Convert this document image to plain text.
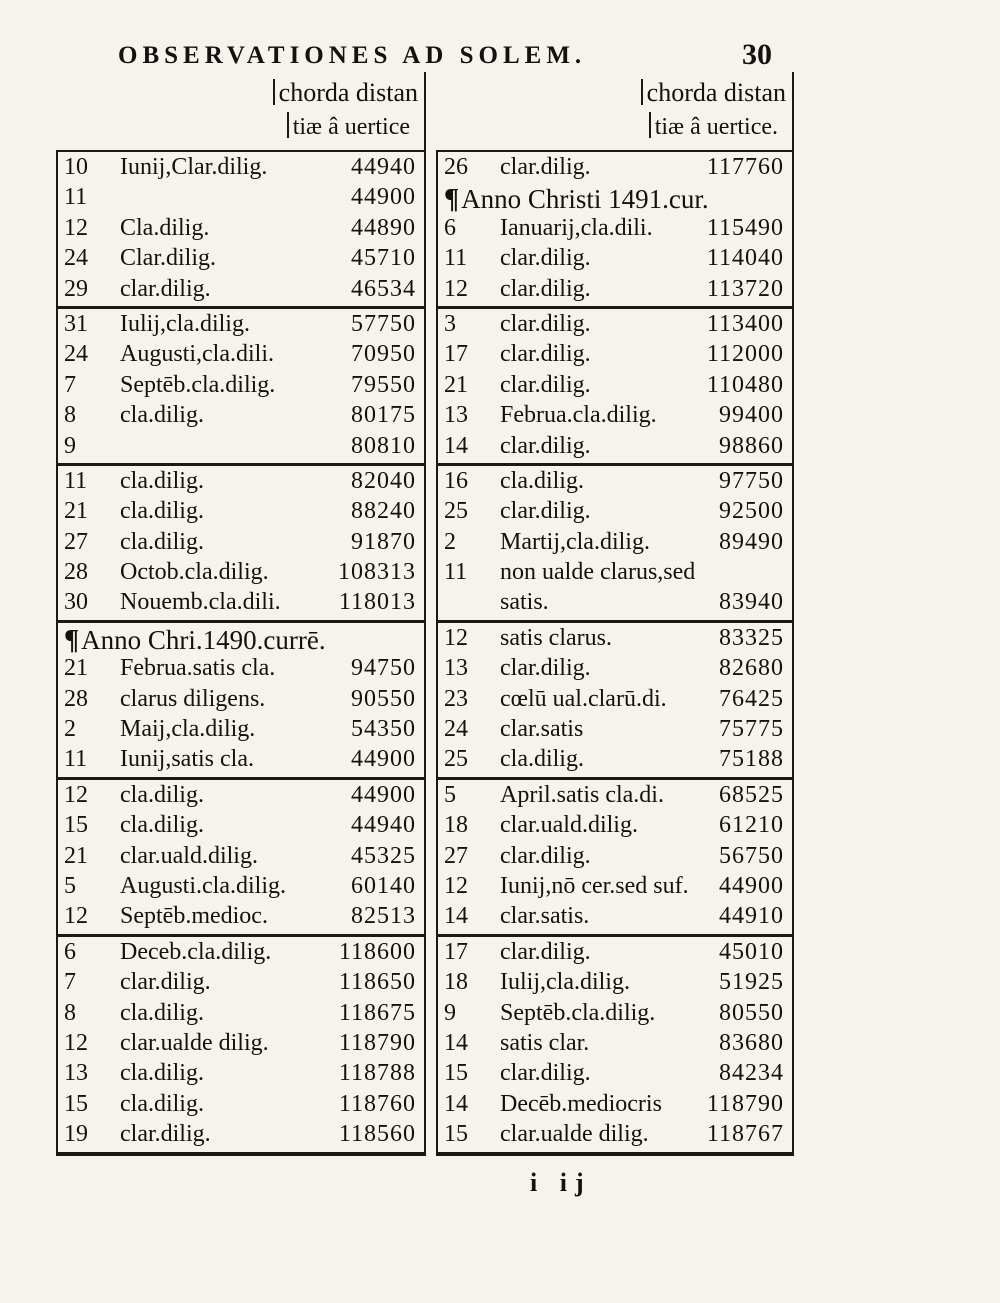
OBSERVATIONES AD SOLEM.	30
chorda distan
tiæ â uertice
10 Iunij,Clar.dilig.	44940
11	44900
12 Cla.dilig.	44890
24 Clar.dilig.	45710
29 clar.dilig.	46534
31 Iulij,cla.dilig.	57750
24 Augusti,cla.dili.	70950
7 Septēb.cla.dilig.	79550
8 cla.dilig.	80175
9	80810
11 cla.dilig.	82040
21 cla.dilig.	88240
27 cla.dilig.	91870
28 Octob.cla.dilig.	108313
30 Nouemb.cla.dili. 118013
¶Anno Chri.1490.currē.
21 Februa.satis cla.	94750
28 clarus diligens.	90550
2 Maij,cla.dilig.	54350
11 Iunij,satis cla.	44900
12 cla.dilig.	44900
15 cla.dilig.	44940
21 clar.uald.dilig.	45325
5 Augusti.cla.dilig.	60140
12 Septēb.medioc.	82513
6 Deceb.cla.dilig.	118600
7 clar.dilig.	118650
8 cla.dilig.	118675
12 clar.ualde dilig.	118790
13 cla.dilig.	118788
15 cla.dilig.	118760
19 clar.dilig.	118560
chorda distan
tiæ â uertice.
26 clar.dilig.	117760
¶Anno Christi 1491.cur.
6 Ianuarij,cla.dili. 115490
11 clar.dilig.	114040
12 clar.dilig.	113720
3 clar.dilig.	113400
17 clar.dilig.	112000
21 clar.dilig.	110480
13 Februa.cla.dilig.	99400
14 clar.dilig.	98860
16 cla.dilig.	97750
25 clar.dilig.	92500
2 Martij,cla.dilig.	89490
11 non ualde clarus,sed
satis.	83940
12 satis clarus.	83325
13 clar.dilig.	82680
23 cœlū ual.clarū.di. 76425
24 clar.satis	75775
25 cla.dilig.	75188
5 April.satis cla.di. 68525
18 clar.uald.dilig.	61210
27 clar.dilig.	56750
12 Iunij,nō cer.sed suf. 44900
14 clar.satis.	44910
17 clar.dilig.	45010
18 Iulij,cla.dilig.	51925
9 Septēb.cla.dilig.	80550
14 satis clar.	83680
15 clar.dilig.	84234
14 Decēb.mediocris 118790
15 clar.ualde dilig. 118767
i ij
